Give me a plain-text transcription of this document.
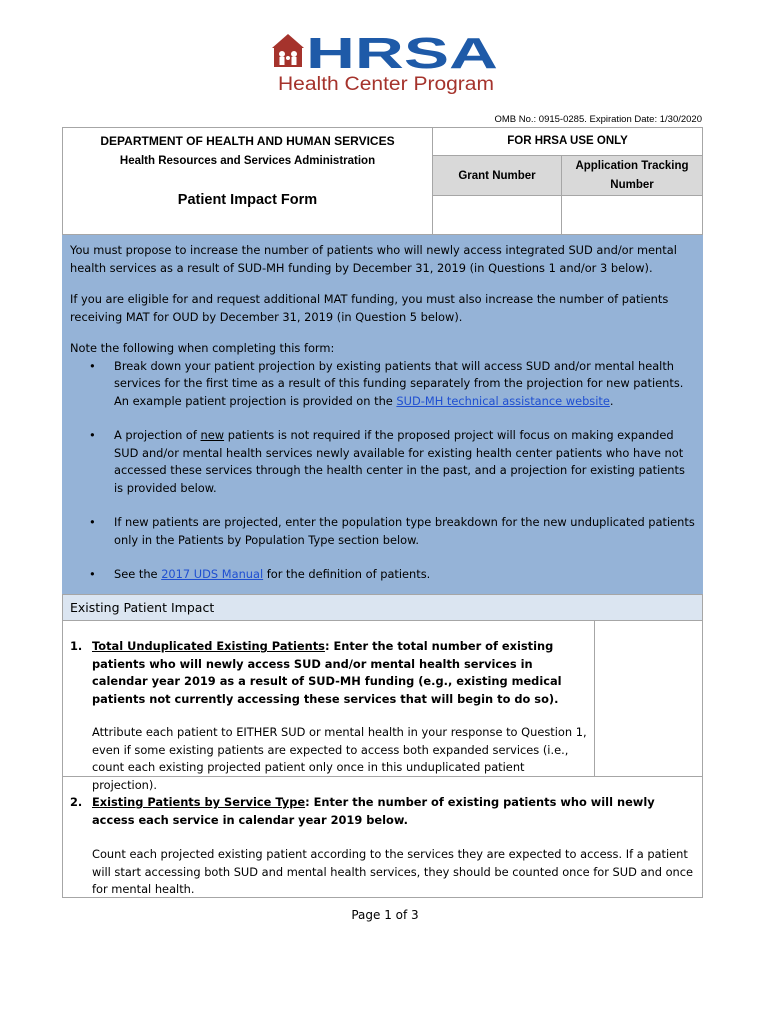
HRSA
Health Center Program
OMB No.: 0915-0285. Expiration Date: 1/30/2020
DEPARTMENT OF HEALTH AND HUMAN SERVICES
Health Resources and Services Administration
Patient Impact Form
FOR HRSA USE ONLY
Grant Number
Application Tracking Number

You must propose to increase the number of patients who will newly access integrated SUD and/or mental health services as a result of SUD-MH funding by December 31, 2019 (in Questions 1 and/or 3 below).

If you are eligible for and request additional MAT funding, you must also increase the number of patients receiving MAT for OUD by December 31, 2019 (in Question 5 below).

Note the following when completing this form:

• Break down your patient projection by existing patients that will access SUD and/or mental health services for the first time as a result of this funding separately from the projection for new patients. An example patient projection is provided on the SUD-MH technical assistance website.
• A projection of new patients is not required if the proposed project will focus on making expanded SUD and/or mental health services newly available for existing health center patients who have not accessed these services through the health center in the past, and a projection for existing patients is provided below.
• If new patients are projected, enter the population type breakdown for the new unduplicated patients only in the Patients by Population Type section below.
• See the 2017 UDS Manual for the definition of patients.
Existing Patient Impact
1. Total Unduplicated Existing Patients: Enter the total number of existing patients who will newly access SUD and/or mental health services in calendar year 2019 as a result of SUD-MH funding (e.g., existing medical patients not currently accessing these services that will begin to do so).
Attribute each patient to EITHER SUD or mental health in your response to Question 1, even if some existing patients are expected to access both expanded services (i.e., count each existing projected patient only once in this unduplicated patient projection).
2. Existing Patients by Service Type: Enter the number of existing patients who will newly access each service in calendar year 2019 below.
Count each projected existing patient according to the services they are expected to access. If a patient will start accessing both SUD and mental health services, they should be counted once for SUD and once for mental health.
Page 1 of 3
